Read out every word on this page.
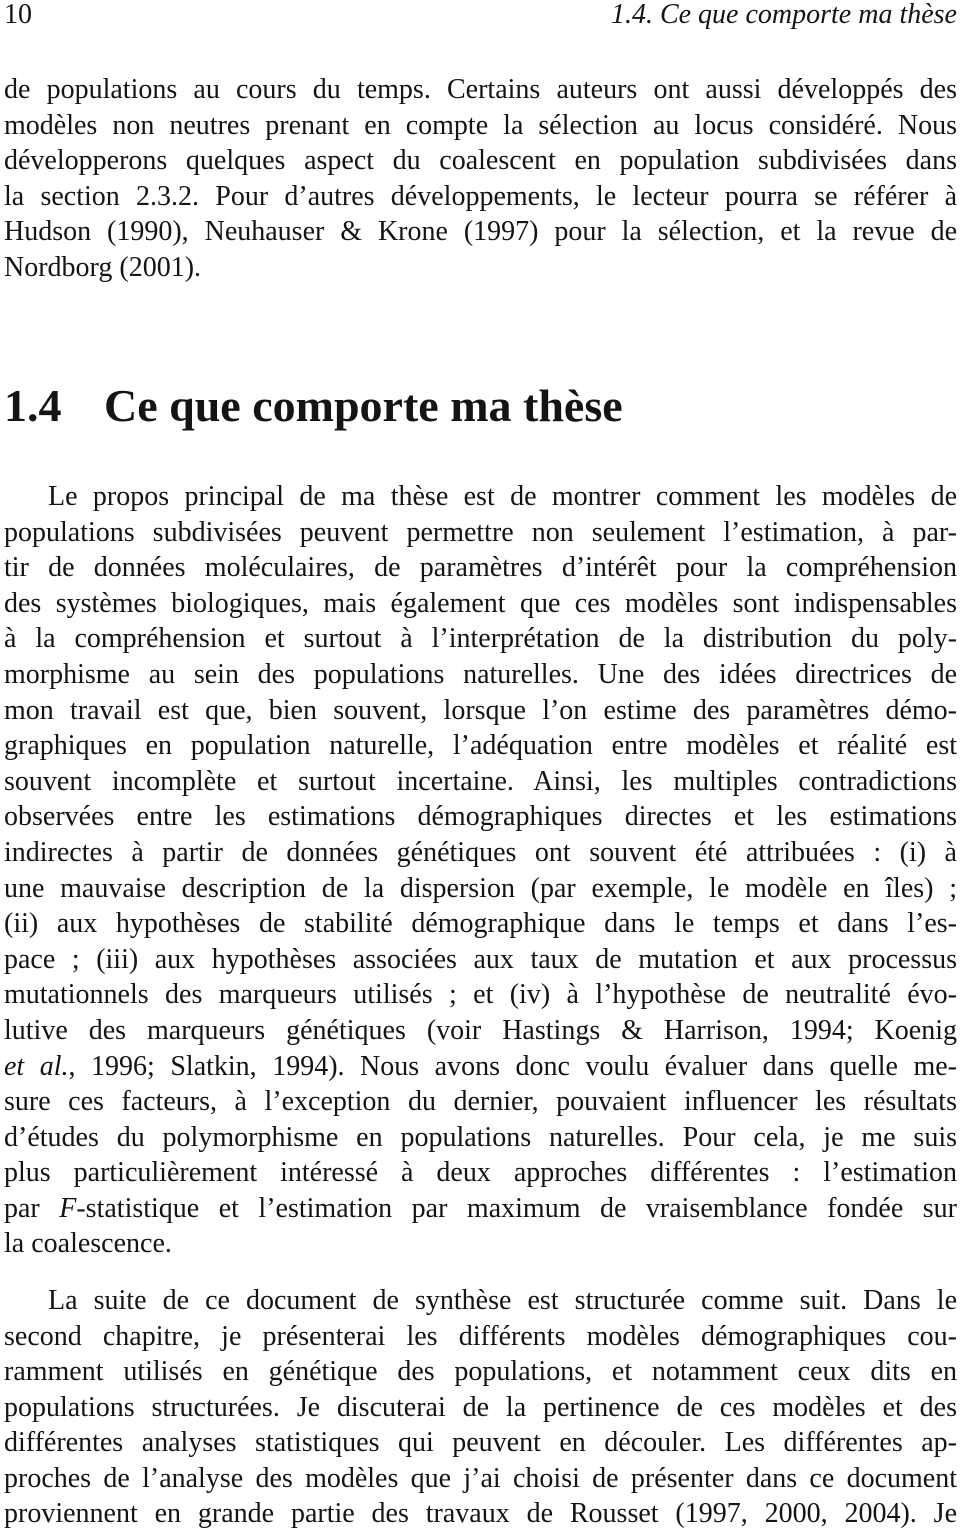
10	1.4. Ce que comporte ma thèse
de populations au cours du temps. Certains auteurs ont aussi développés des
modèles non neutres prenant en compte la sélection au locus considéré. Nous
développerons quelques aspect du coalescent en population subdivisées dans
la section 2.3.2. Pour d’autres développements, le lecteur pourra se référer à
Hudson (1990), Neuhauser & Krone (1997) pour la sélection, et la revue de
Nordborg (2001).
1.4 Ce que comporte ma thèse
Le propos principal de ma thèse est de montrer comment les modèles de
populations subdivisées peuvent permettre non seulement l’estimation, à par-
tir de données moléculaires, de paramètres d’intérêt pour la compréhension
des systèmes biologiques, mais également que ces modèles sont indispensables
à la compréhension et surtout à l’interprétation de la distribution du poly-
morphisme au sein des populations naturelles. Une des idées directrices de
mon travail est que, bien souvent, lorsque l’on estime des paramètres démo-
graphiques en population naturelle, l’adéquation entre modèles et réalité est
souvent incomplète et surtout incertaine. Ainsi, les multiples contradictions
observées entre les estimations démographiques directes et les estimations
indirectes à partir de données génétiques ont souvent été attribuées : (i) à
une mauvaise description de la dispersion (par exemple, le modèle en îles) ;
(ii) aux hypothèses de stabilité démographique dans le temps et dans l’es-
pace ; (iii) aux hypothèses associées aux taux de mutation et aux processus
mutationnels des marqueurs utilisés ; et (iv) à l’hypothèse de neutralité évo-
lutive des marqueurs génétiques (voir Hastings & Harrison, 1994; Koenig
et al., 1996; Slatkin, 1994). Nous avons donc voulu évaluer dans quelle me-
sure ces facteurs, à l’exception du dernier, pouvaient influencer les résultats
d’études du polymorphisme en populations naturelles. Pour cela, je me suis
plus particulièrement intéressé à deux approches différentes : l’estimation
par F-statistique et l’estimation par maximum de vraisemblance fondée sur
la coalescence.
La suite de ce document de synthèse est structurée comme suit. Dans le
second chapitre, je présenterai les différents modèles démographiques cou-
ramment utilisés en génétique des populations, et notamment ceux dits en
populations structurées. Je discuterai de la pertinence de ces modèles et des
différentes analyses statistiques qui peuvent en découler. Les différentes ap-
proches de l’analyse des modèles que j’ai choisi de présenter dans ce document
proviennent en grande partie des travaux de Rousset (1997, 2000, 2004). Je
